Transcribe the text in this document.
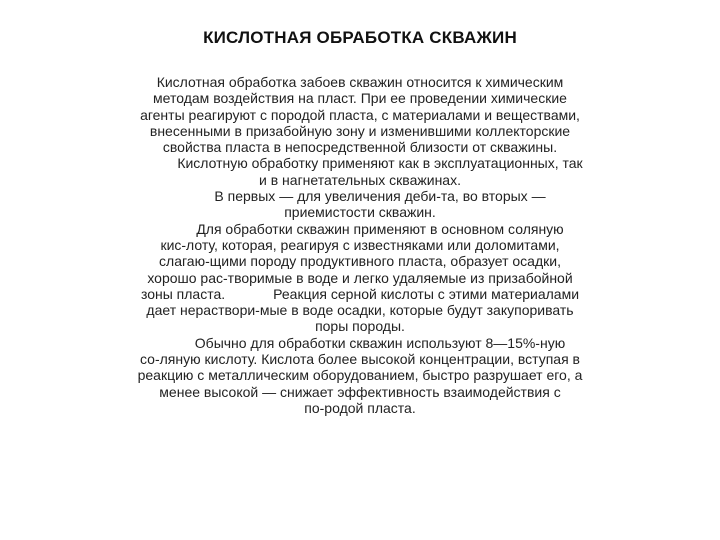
КИСЛОТНАЯ ОБРАБОТКА СКВАЖИН

Кислотная обработка забоев скважин относится к химическим
методам воздействия на пласт. При ее проведении химические
агенты реагируют с породой пласта, с материалами и веществами,
внесенными в призабойную зону и изменившими коллекторские
свойства пласта в непосредственной близости от скважины.

Кислотную обработку применяют как в эксплуатационных, так
и в нагнетательных скважинах.

В первых — для увеличения деби-та, во вторых —
приемистости скважин.

Для обработки скважин применяют в основном соляную
кис-лоту, которая, реагируя с известняками или доломитами,
слагаю-щими породу продуктивного пласта, образует осадки,
хорошо рас-творимые в воде и легко удаляемые из призабойной
зоны пласта.	Реакция серной кислоты с этими материалами
дает нераствори-мые в воде осадки, которые будут закупоривать
поры породы.

Обычно для обработки скважин используют 8—15%-ную
со-ляную кислоту. Кислота более высокой концентрации, вступая в
реакцию с металлическим оборудованием, быстро разрушает его, а
менее высокой — снижает эффективность взаимодействия с
по-родой пласта.
